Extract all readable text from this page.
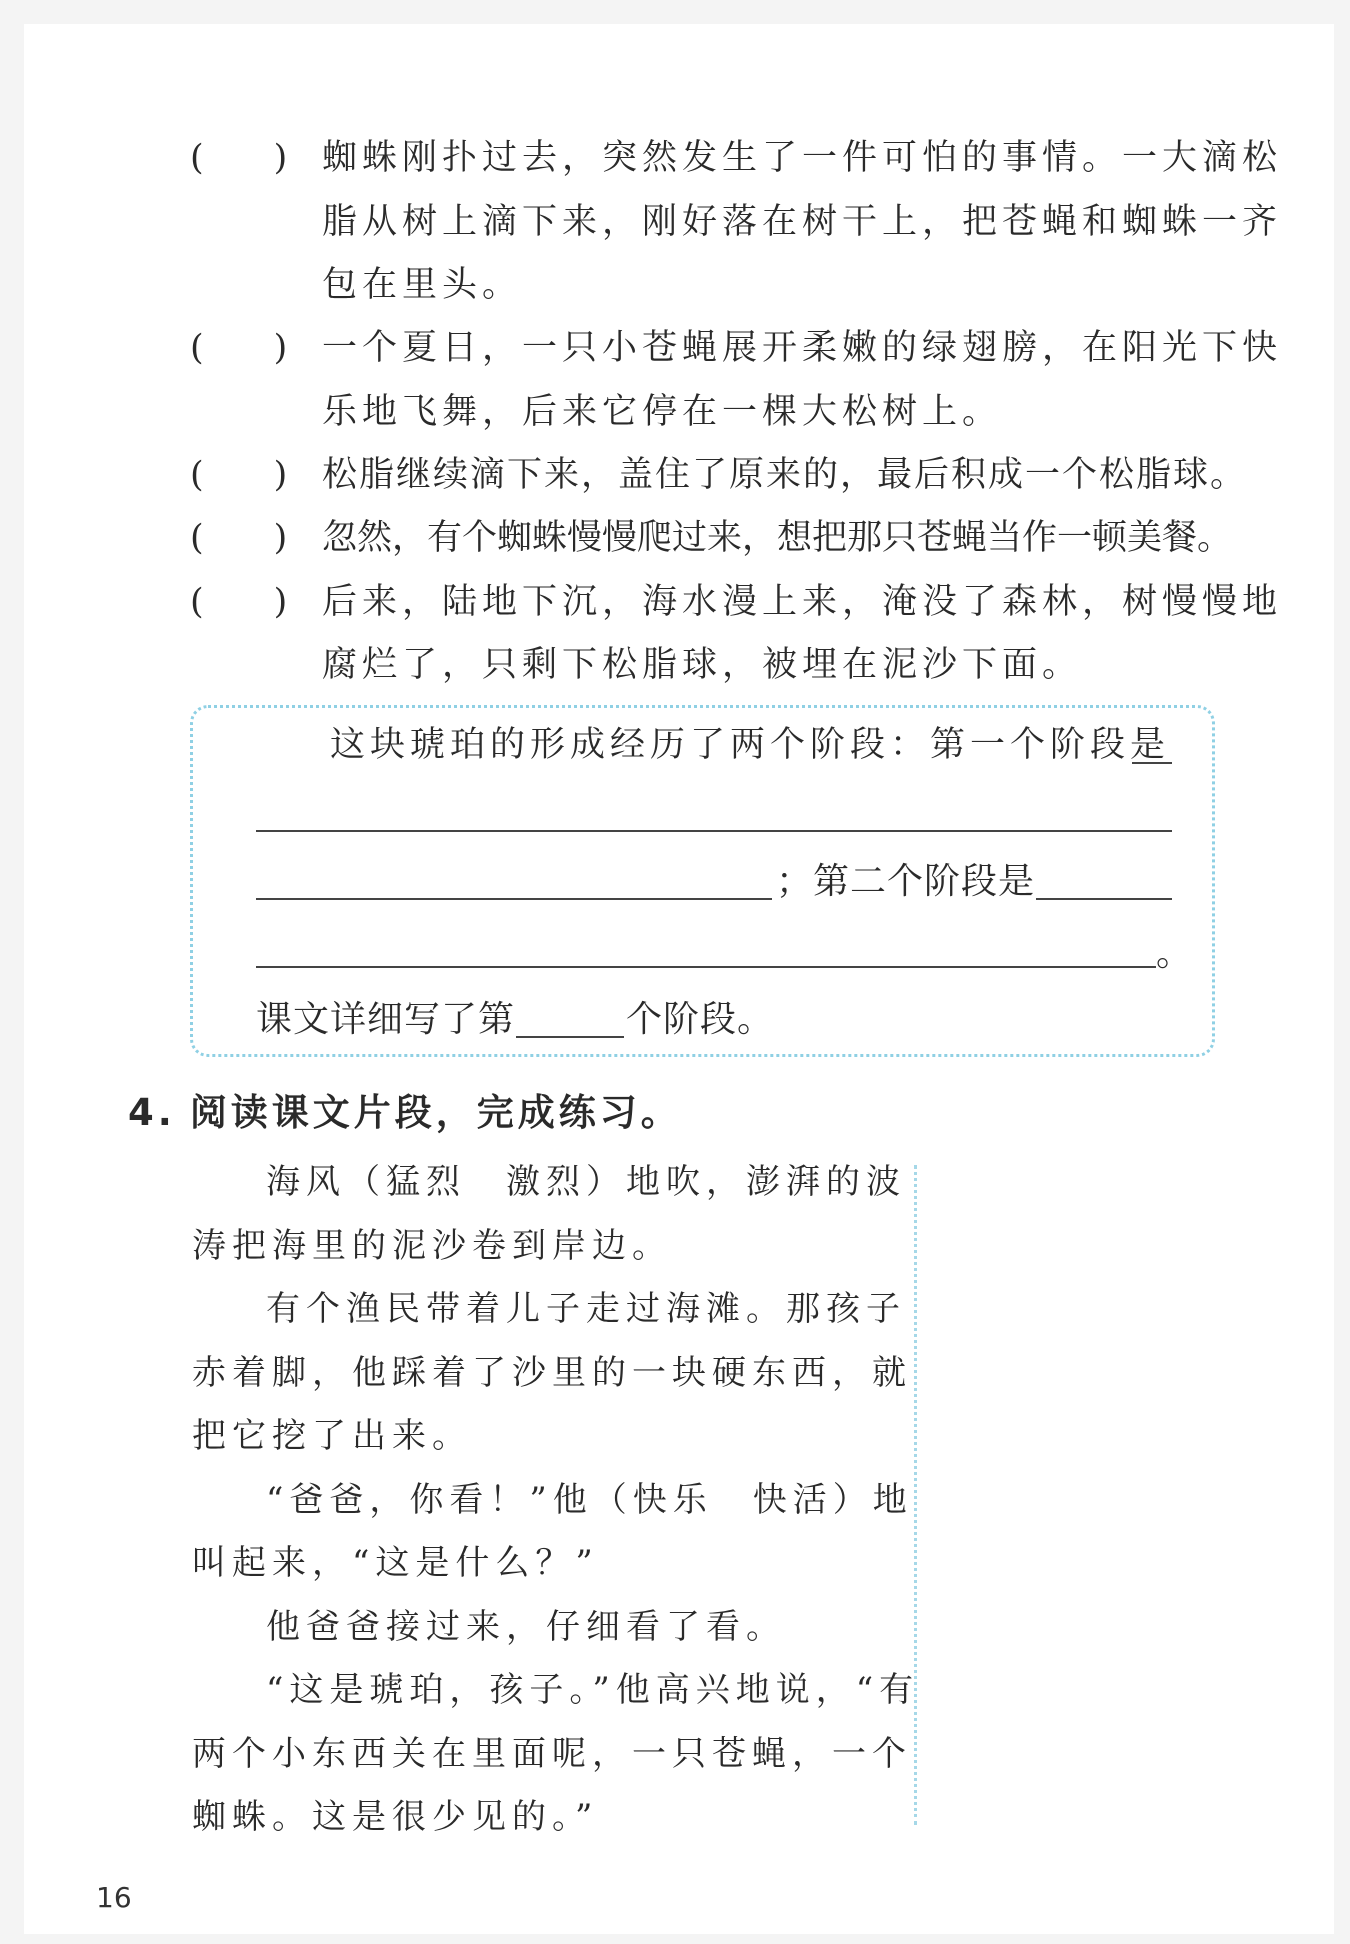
(　　) 蜘蛛刚扑过去，突然发生了一件可怕的事情。一大滴松
脂从树上滴下来，刚好落在树干上，把苍蝇和蜘蛛一齐
包在里头。
(　　) 一个夏日，一只小苍蝇展开柔嫩的绿翅膀，在阳光下快
乐地飞舞，后来它停在一棵大松树上。
(　　) 松脂继续滴下来，盖住了原来的，最后积成一个松脂球。
(　　) 忽然，有个蜘蛛慢慢爬过来，想把那只苍蝇当作一顿美餐。
(　　) 后来，陆地下沉，海水漫上来，淹没了森林，树慢慢地
腐烂了，只剩下松脂球，被埋在泥沙下面。
这块琥珀的形成经历了两个阶段：第一个阶段是
；第二个阶段是
。
课文详细写了第	个阶段。
4. 阅读课文片段，完成练习。
海风（猛烈　激烈）地吹，澎湃的波
涛把海里的泥沙卷到岸边。
有个渔民带着儿子走过海滩。那孩子
赤着脚，他踩着了沙里的一块硬东西，就
把它挖了出来。
“爸爸，你看！”他（快乐　快活）地
叫起来，“这是什么？”
他爸爸接过来，仔细看了看。
“这是琥珀，孩子。”他高兴地说，“有
两个小东西关在里面呢，一只苍蝇，一个
蜘蛛。这是很少见的。”
16
